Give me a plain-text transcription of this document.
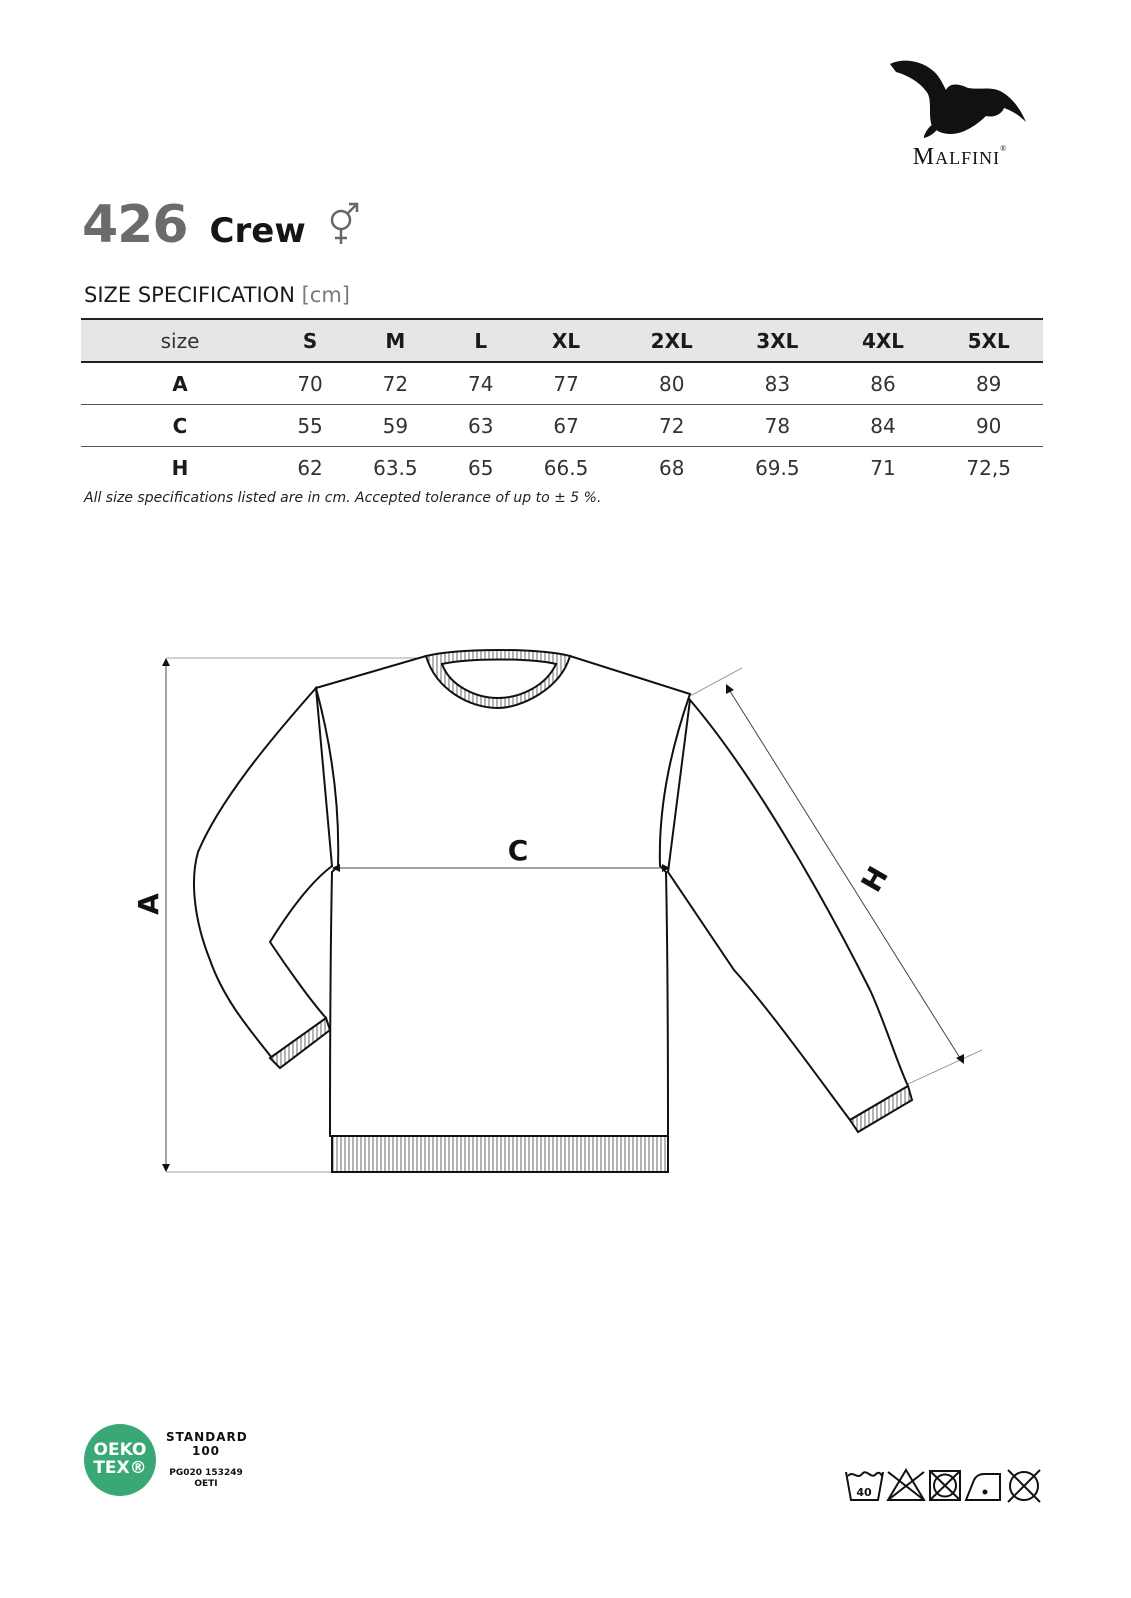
MALFINI®
426 Crew
SIZE SPECIFICATION [cm]
size	S	M	L	XL	2XL	3XL	4XL	5XL
A	70	72	74	77	80	83	86	89
C	55	59	63	67	72	78	84	90
H	62	63.5	65	66.5	68	69.5	71	72,5
All size specifications listed are in cm. Accepted tolerance of up to ± 5 %.
A
C
H
OEKO
TEX®
STANDARD
100
PG020 153249
OETI
40
